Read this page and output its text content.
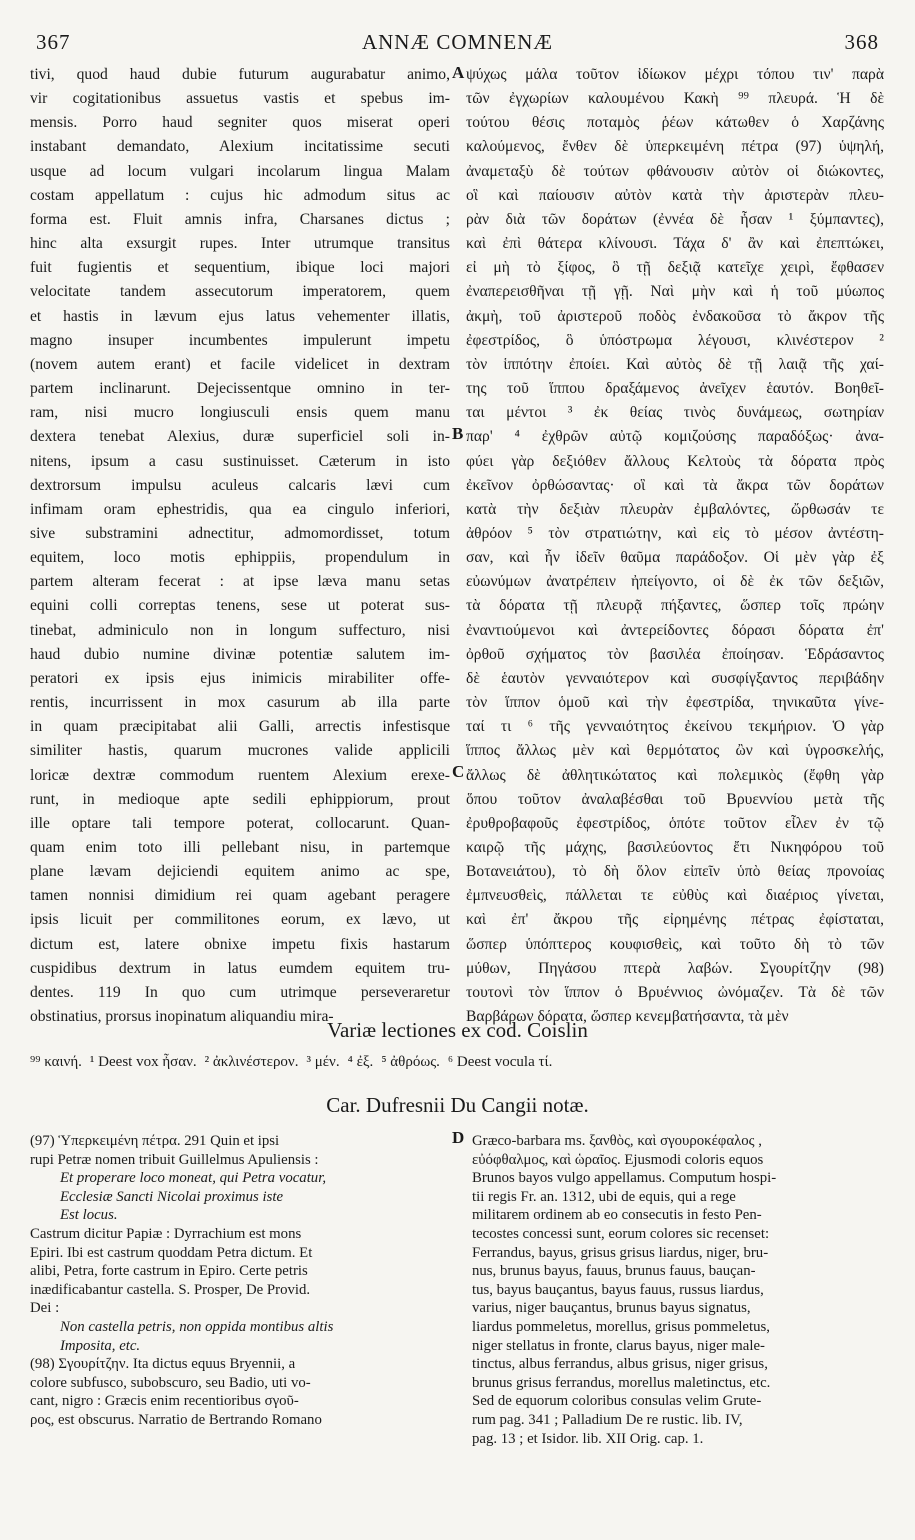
367	ANNÆ COMNENÆ	368
tivi, quod haud dubie futurum augurabatur animo,
vir cogitationibus assuetus vastis et spebus im-
mensis. Porro haud segniter quos miserat operi
instabant demandato, Alexium incitatissime secuti
usque ad locum vulgari incolarum lingua Malam
costam appellatum : cujus hic admodum situs ac
forma est. Fluit amnis infra, Charsanes dictus ;
hinc alta exsurgit rupes. Inter utrumque transitus
fuit fugientis et sequentium, ibique loci majori
velocitate tandem assecutorum imperatorem, quem
et hastis in lævum ejus latus vehementer illatis,
magno insuper incumbentes impulerunt impetu
(novem autem erant) et facile videlicet in dextram
partem inclinarunt. Dejecissentque omnino in ter-
ram, nisi mucro longiusculi ensis quem manu
dextera tenebat Alexius, duræ superficiel soli in-
nitens, ipsum a casu sustinuisset. Cæterum in isto
dextrorsum impulsu aculeus calcaris lævi cum
infimam oram ephestridis, qua ea cingulo inferiori,
sive substramini adnectitur, admomordisset, totum
equitem, loco motis ephippiis, propendulum in
partem alteram fecerat : at ipse læva manu setas
equini colli correptas tenens, sese ut poterat sus-
tinebat, adminiculo non in longum suffecturo, nisi
haud dubio numine divinæ potentiæ salutem im-
peratori ex ipsis ejus inimicis mirabiliter offe-
rentis, incurrissent in mox casurum ab illa parte
in quam præcipitabat alii Galli, arrectis infestisque
similiter hastis, quarum mucrones valide applicili
loricæ dextræ commodum ruentem Alexium erexe-
runt, in medioque apte sedili ephippiorum, prout
ille optare tali tempore poterat, collocarunt. Quan-
quam enim toto illi pellebant nisu, in partemque
plane lævam dejiciendi equitem animo ac spe,
tamen nonnisi dimidium rei quam agebant peragere
ipsis licuit per commilitones eorum, ex lævo, ut
dictum est, latere obnixe impetu fixis hastarum
cuspidibus dextrum in latus eumdem equitem tru-
dentes. 119 In quo cum utrimque perseveraretur
obstinatius, prorsus inopinatum aliquandiu mira-
ψύχως μάλα τοῦτον ἰδίωκον μέχρι τόπου τιν' παρὰ
τῶν ἐγχωρίων καλουμένου Κακὴ ⁹⁹ πλευρά. Ἡ δὲ
τούτου θέσις ποταμὸς ῥέων κάτωθεν ὁ Χαρζάνης
καλούμενος, ἔνθεν δὲ ὑπερκειμένη πέτρα (97) ὑψηλή,
ἀναμεταξὺ δὲ τούτων φθάνουσιν αὐτὸν οἱ διώκοντες,
οἳ καὶ παίουσιν αὐτὸν κατὰ τὴν ἀριστερὰν πλευ-
ρὰν διὰ τῶν δοράτων (ἐννέα δὲ ἦσαν ¹ ξύμπαντες),
καὶ ἐπὶ θάτερα κλίνουσι. Τάχα δ' ἂν καὶ ἐπεπτώκει,
εἰ μὴ τὸ ξίφος, ὃ τῇ δεξιᾷ κατεῖχε χειρὶ, ἔφθασεν
ἐναπερεισθῆναι τῇ γῇ. Ναὶ μὴν καὶ ἡ τοῦ μύωπος
ἀκμὴ, τοῦ ἀριστεροῦ ποδὸς ἐνδακοῦσα τὸ ἄκρον τῆς
ἐφεστρίδος, ὃ ὑπόστρωμα λέγουσι, κλινέστερον ²
τὸν ἱππότην ἐποίει. Καὶ αὐτὸς δὲ τῇ λαιᾷ τῆς χαί-
της τοῦ ἵππου δραξάμενος ἀνεῖχεν ἑαυτόν. Βοηθεῖ-
ται μέντοι ³ ἐκ θείας τινὸς δυνάμεως, σωτηρίαν
παρ' ⁴ ἐχθρῶν αὐτῷ κομιζούσης παραδόξως· ἀνα-
φύει γὰρ δεξιόθεν ἄλλους Κελτοὺς τὰ δόρατα πρὸς
ἐκεῖνον ὀρθώσαντας· οἳ καὶ τὰ ἄκρα τῶν δοράτων
κατὰ τὴν δεξιὰν πλευρὰν ἐμβαλόντες, ὤρθωσάν τε
ἀθρόον ⁵ τὸν στρατιώτην, καὶ εἰς τὸ μέσον ἀντέστη-
σαν, καὶ ἦν ἰδεῖν θαῦμα παράδοξον. Οἱ μὲν γὰρ ἐξ
εὐωνύμων ἀνατρέπειν ἠπείγοντο, οἱ δὲ ἐκ τῶν δεξιῶν,
τὰ δόρατα τῇ πλευρᾷ πήξαντες, ὥσπερ τοῖς πρώην
ἐναντιούμενοι καὶ ἀντερείδοντες δόρασι δόρατα ἐπ'
ὀρθοῦ σχήματος τὸν βασιλέα ἐποίησαν. Ἑδράσαντος
δὲ ἑαυτὸν γενναιότερον καὶ συσφίγξαντος περιβάδην
τὸν ἵππον ὁμοῦ καὶ τὴν ἐφεστρίδα, τηνικαῦτα γίνε-
ταί τι ⁶ τῆς γενναιότητος ἐκείνου τεκμήριον. Ὁ γὰρ
ἵππος ἄλλως μὲν καὶ θερμότατος ὢν καὶ ὑγροσκελής,
ἄλλως δὲ ἀθλητικώτατος καὶ πολεμικὸς (ἔφθη γὰρ
ὅπου τοῦτον ἀναλαβέσθαι τοῦ Βρυεννίου μετὰ τῆς
ἐρυθροβαφοῦς ἐφεστρίδος, ὁπότε τοῦτον εἷλεν ἐν τῷ
καιρῷ τῆς μάχης, βασιλεύοντος ἔτι Νικηφόρου τοῦ
Βοτανειάτου), τὸ δὴ ὅλον εἰπεῖν ὑπὸ θείας προνοίας
ἐμπνευσθεὶς, πάλλεται τε εὐθὺς καὶ διαέριος γίνεται,
καὶ ἐπ' ἄκρου τῆς εἰρημένης πέτρας ἐφίσταται,
ὥσπερ ὑπόπτερος κουφισθεὶς, καὶ τοῦτο δὴ τὸ τῶν
μύθων, Πηγάσου πτερὰ λαβών. Σγουρίτζην (98)
τουτονὶ τὸν ἵππον ὁ Βρυέννιος ὠνόμαζεν. Τὰ δὲ τῶν
Βαρβάρων δόρατα, ὥσπερ κενεμβατήσαντα, τὰ μὲν
A
B
C
Variæ lectiones ex cod. Coislin
⁹⁹ καινή. ¹ Deest vox ἦσαν. ² ἀκλινέστερον. ³ μέν. ⁴ ἐξ. ⁵ ἀθρόως. ⁶ Deest vocula τί.
Car. Dufresnii Du Cangii notæ.
D
(97) Ὑπερκειμένη πέτρα. 291 Quin et ipsi
rupi Petræ nomen tribuit Guillelmus Apuliensis :
Et properare loco moneat, qui Petra vocatur,
Ecclesiæ Sancti Nicolai proximus iste
Est locus.
Castrum dicitur Papiæ : Dyrrachium est mons
Epiri. Ibi est castrum quoddam Petra dictum. Et
alibi, Petra, forte castrum in Epiro. Certe petris
inædificabantur castella. S. Prosper, De Provid.
Dei :
Non castella petris, non oppida montibus altis
Imposita, etc.
(98) Σγουρίτζην. Ita dictus equus Bryennii, a
colore subfusco, subobscuro, seu Badio, uti vo-
cant, nigro : Græcis enim recentioribus σγοῦ-
ρος, est obscurus. Narratio de Bertrando Romano
Græco-barbara ms. ξανθὸς, καὶ σγουροκέφαλος ,
εὐόφθαλμος, καὶ ὡραῖος. Ejusmodi coloris equos
Brunos bayos vulgo appellamus. Computum hospi-
tii regis Fr. an. 1312, ubi de equis, qui a rege
militarem ordinem ab eo consecutis in festo Pen-
tecostes concessi sunt, eorum colores sic recenset:
Ferrandus, bayus, grisus grisus liardus, niger, bru-
nus, brunus bayus, fauus, brunus fauus, bauçan-
tus, bayus bauçantus, bayus fauus, russus liardus,
varius, niger bauçantus, brunus bayus signatus,
liardus pommeletus, morellus, grisus pommeletus,
niger stellatus in fronte, clarus bayus, niger male-
tinctus, albus ferrandus, albus grisus, niger grisus,
brunus grisus ferrandus, morellus maletinctus, etc.
Sed de equorum coloribus consulas velim Grute-
rum pag. 341 ; Palladium De re rustic. lib. IV,
pag. 13 ; et Isidor. lib. XII Orig. cap. 1.
